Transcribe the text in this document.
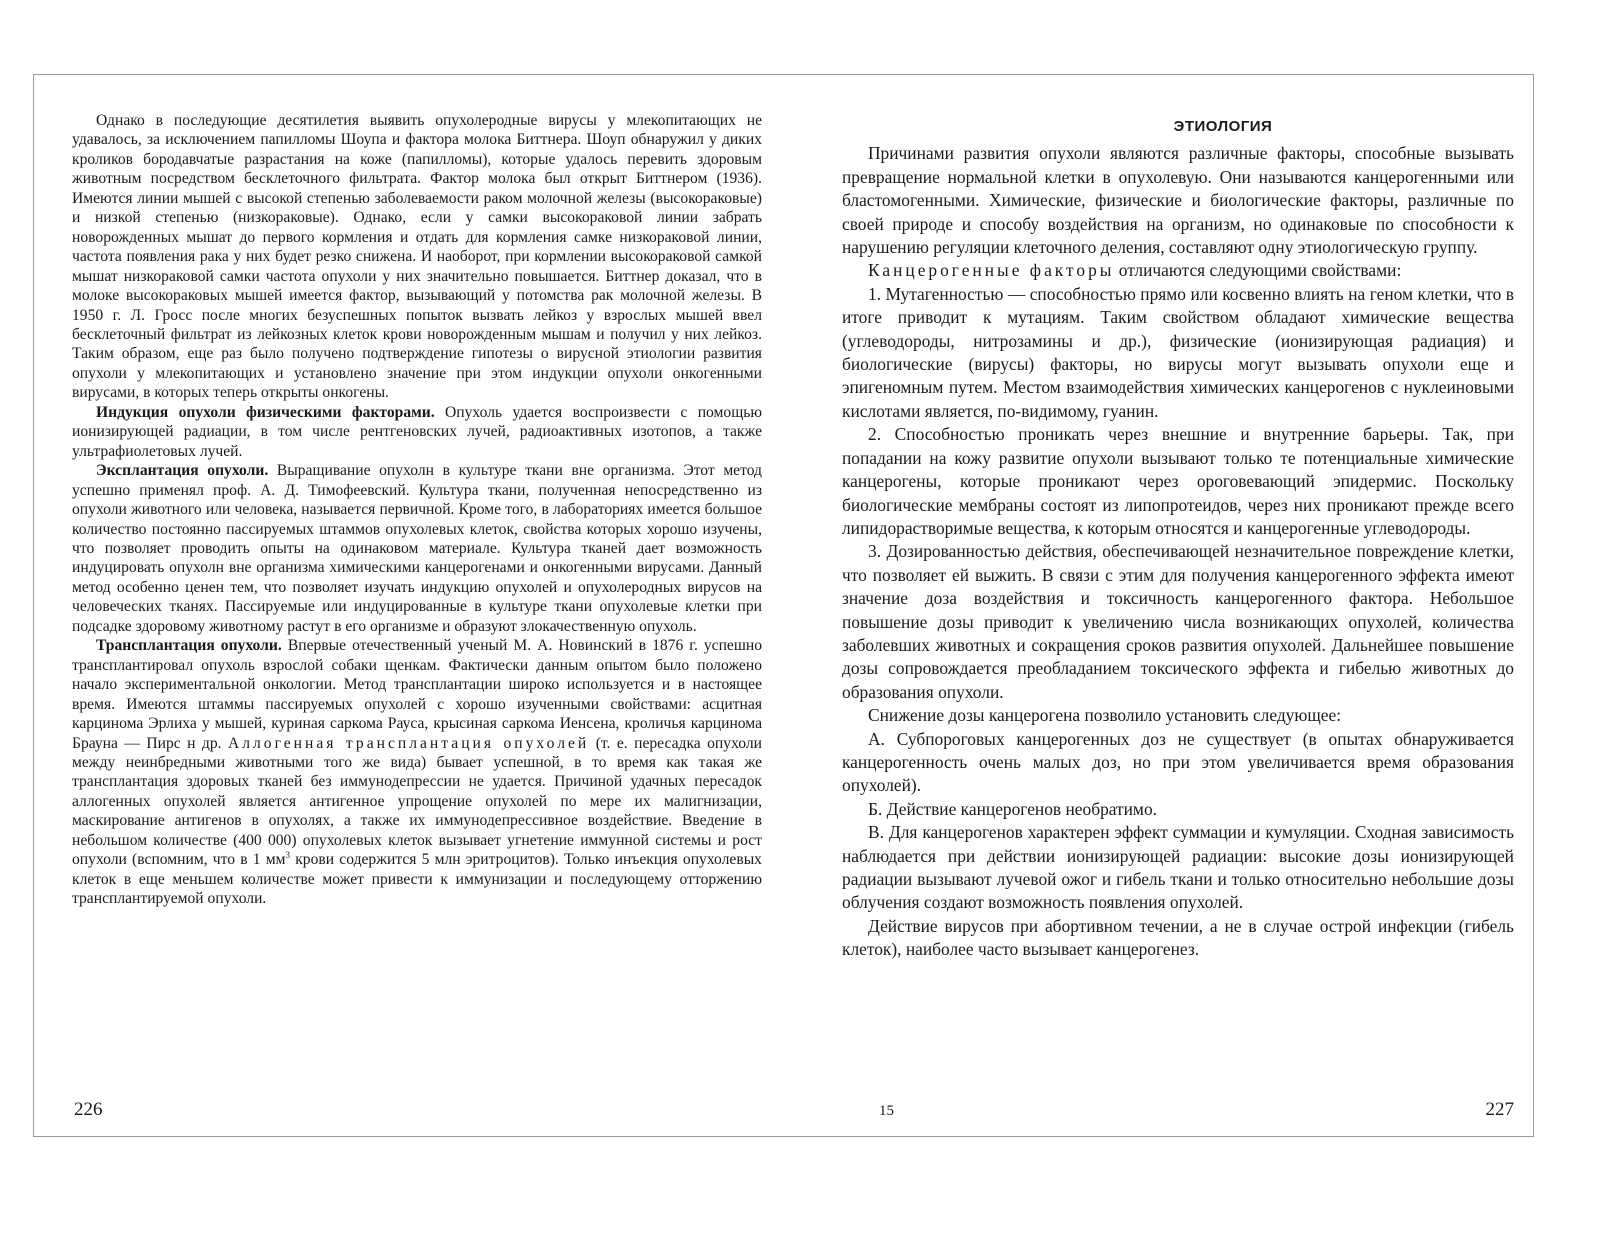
Однако в последующие десятилетия выявить опухолеродные вирусы у млекопитающих не удавалось, за исключением папилломы Шоупа и фактора молока Биттнера. Шоуп обнаружил у диких кроликов бородавчатые разрастания на коже (папилломы), которые удалось перевить здоровым животным посредством бесклеточного фильтрата. Фактор молока был открыт Биттнером (1936). Имеются линии мышей с высокой степенью заболеваемости раком молочной железы (высокораковые) и низкой степенью (низкораковые). Однако, если у самки высокораковой линии забрать новорожденных мышат до первого кормления и отдать для кормления самке низкораковой линии, частота появления рака у них будет резко снижена. И наоборот, при кормлении высокораковой самкой мышат низкораковой самки частота опухоли у них значительно повышается. Биттнер доказал, что в молоке высокораковых мышей имеется фактор, вызывающий у потомства рак молочной железы. В 1950 г. Л. Гросс после многих безуспешных попыток вызвать лейкоз у взрослых мышей ввел бесклеточный фильтрат из лейкозных клеток крови новорожденным мышам и получил у них лейкоз. Таким образом, еще раз было получено подтверждение гипотезы о вирусной этиологии развития опухоли у млекопитающих и установлено значение при этом индукции опухоли онкогенными вирусами, в которых теперь открыты онкогены.

Индукция опухоли физическими факторами. Опухоль удается воспроизвести с помощью ионизирующей радиации, в том числе рентгеновских лучей, радиоактивных изотопов, а также ультрафиолетовых лучей.

Эксплантация опухоли. Выращивание опухолн в культуре ткани вне организма. Этот метод успешно применял проф. А. Д. Тимофеевский. Культура ткани, полученная непосредственно из опухоли животного или человека, называется первичной. Кроме того, в лабораториях имеется большое количество постоянно пассируемых штаммов опухолевых клеток, свойства которых хорошо изучены, что позволяет проводить опыты на одинаковом материале. Культура тканей дает возможность индуцировать опухолн вне организма химическими канцерогенами и онкогенными вирусами. Данный метод особенно ценен тем, что позволяет изучать индукцию опухолей и опухолеродных вирусов на человеческих тканях. Пассируемые или индуцированные в культуре ткани опухолевые клетки при подсадке здоровому животному растут в его организме и образуют злокачественную опухоль.

Трансплантация опухоли. Впервые отечественный ученый М. А. Новинский в 1876 г. успешно трансплантировал опухоль взрослой собаки щенкам. Фактически данным опытом было положено начало экспериментальной онкологии. Метод трансплантации широко используется и в настоящее время. Имеются штаммы пассируемых опухолей с хорошо изученными свойствами: асцитная карцинома Эрлиха у мышей, куриная саркома Рауса, крысиная саркома Иенсена, кроличья карцинома Брауна — Пирс н др. Аллогенная трансплантация опухолей (т. е. пересадка опухоли между неинбредными животными того же вида) бывает успешной, в то время как такая же трансплантация здоровых тканей без иммунодепрессии не удается. Причиной удачных пересадок аллогенных опухолей является антигенное упрощение опухолей по мере их малигнизации, маскирование антигенов в опухолях, а также их иммунодепрессивное воздействие. Введение в небольшом количестве (400 000) опухолевых клеток вызывает угнетение иммунной системы и рост опухоли (вспомним, что в 1 $мм^3$ крови содержится 5 млн эритроцитов). Только инъекция опухолевых клеток в еще меньшем количестве может привести к иммунизации и последующему отторжению трансплантируемой опухоли.

226
ЭТИОЛОГИЯ

Причинами развития опухоли являются различные факторы, способные вызывать превращение нормальной клетки в опухолевую. Они называются канцерогенными или бластомогенными. Химические, физические и биологические факторы, различные по своей природе и способу воздействия на организм, но одинаковые по способности к нарушению регуляции клеточного деления, составляют одну этиологическую группу.

Канцерогенные факторы отличаются следующими свойствами:

1. Мутагенностью — способностью прямо или косвенно влиять на геном клетки, что в итоге приводит к мутациям. Таким свойством обладают химические вещества (углеводороды, нитрозамины и др.), физические (ионизирующая радиация) и биологические (вирусы) факторы, но вирусы могут вызывать опухоли еще и эпигеномным путем. Местом взаимодействия химических канцерогенов с нуклеиновыми кислотами является, по-видимому, гуанин.

2. Способностью проникать через внешние и внутренние барьеры. Так, при попадании на кожу развитие опухоли вызывают только те потенциальные химические канцерогены, которые проникают через ороговевающий эпидермис. Поскольку биологические мембраны состоят из липопротеидов, через них проникают прежде всего липидорастворимые вещества, к которым относятся и канцерогенные углеводороды.

3. Дозированностью действия, обеспечивающей незначительное повреждение клетки, что позволяет ей выжить. В связи с этим для получения канцерогенного эффекта имеют значение доза воздействия и токсичность канцерогенного фактора. Небольшое повышение дозы приводит к увеличению числа возникающих опухолей, количества заболевших животных и сокращения сроков развития опухолей. Дальнейшее повышение дозы сопровождается преобладанием токсического эффекта и гибелью животных до образования опухоли.

Снижение дозы канцерогена позволило установить следующее:

А. Субпороговых канцерогенных доз не существует (в опытах обнаруживается канцерогенность очень малых доз, но при этом увеличивается время образования опухолей).

Б. Действие канцерогенов необратимо.

В. Для канцерогенов характерен эффект суммации и кумуляции. Сходная зависимость наблюдается при действии ионизирующей радиации: высокие дозы ионизирующей радиации вызывают лучевой ожог и гибель ткани и только относительно небольшие дозы облучения создают возможность появления опухолей.

Действие вирусов при абортивном течении, а не в случае острой инфекции (гибель клеток), наиболее часто вызывает канцерогенез.

15	227
